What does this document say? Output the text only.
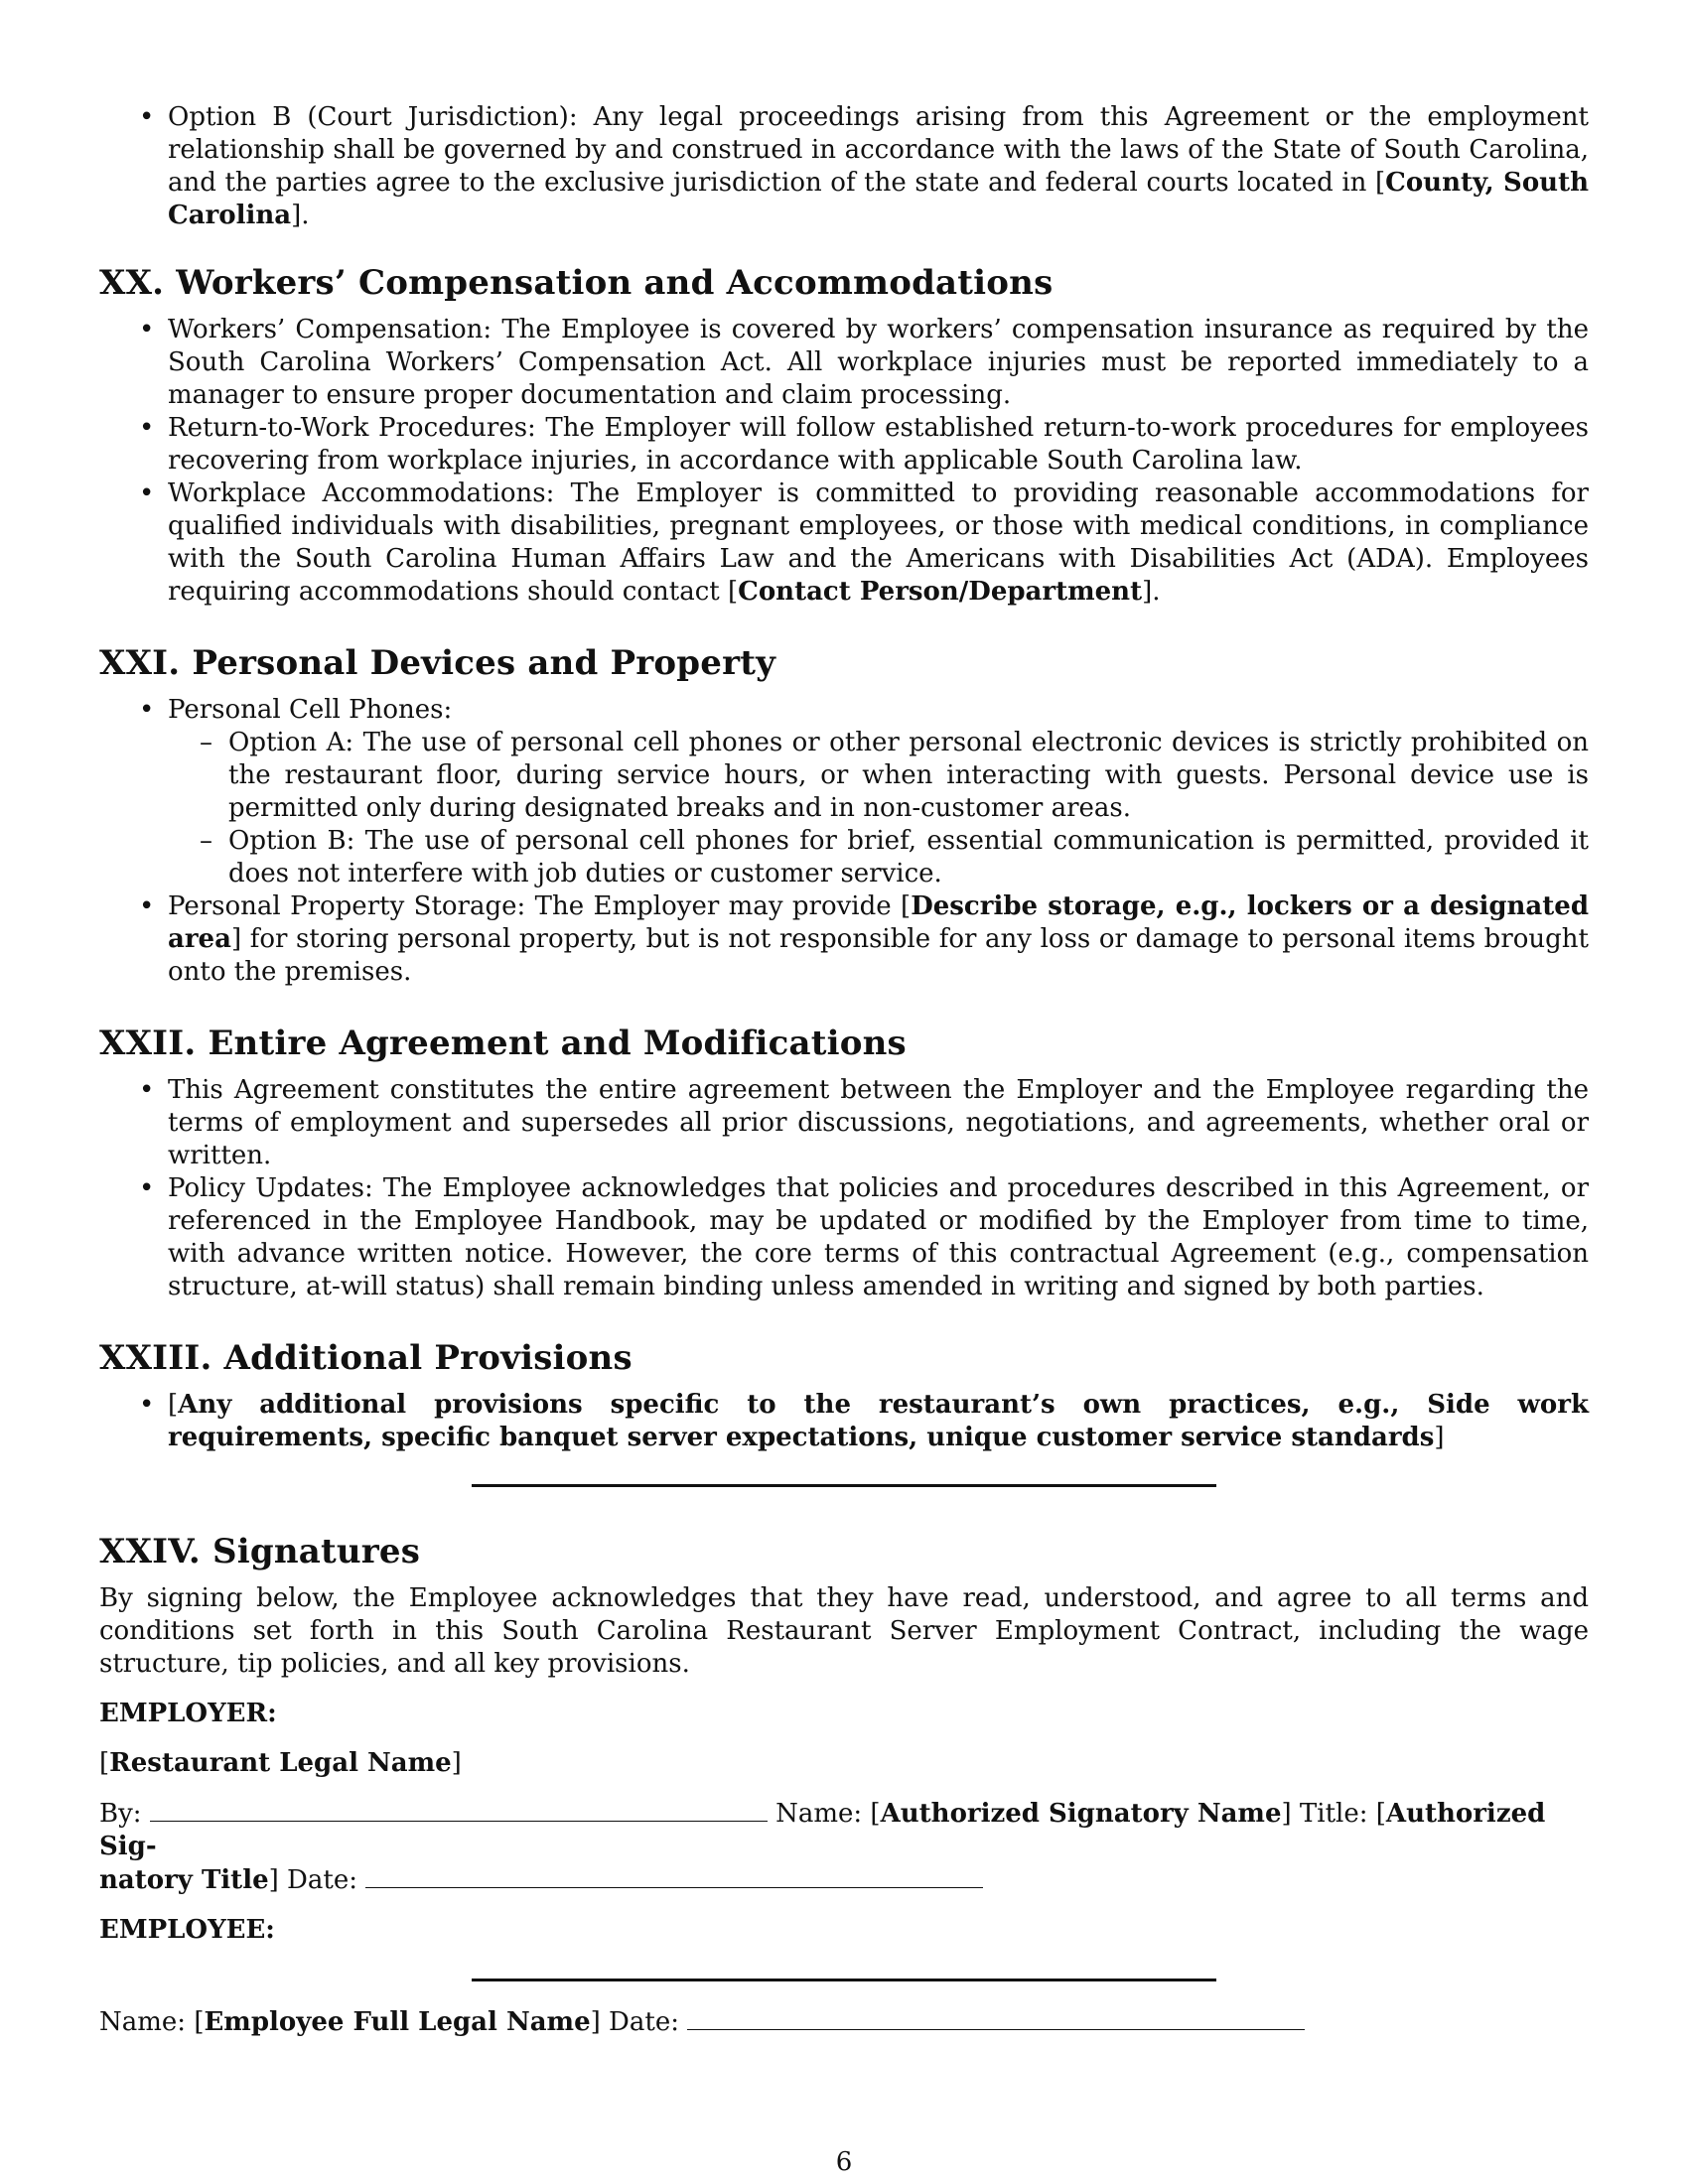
• Option B (Court Jurisdiction): Any legal proceedings arising from this Agreement or the employment relationship shall be governed by and construed in accordance with the laws of the State of South Carolina, and the parties agree to the exclusive jurisdiction of the state and federal courts located in [County, South Carolina].
XX. Workers’ Compensation and Accommodations
• Workers’ Compensation: The Employee is covered by workers’ compensation insurance as required by the South Carolina Workers’ Compensation Act. All workplace injuries must be reported immediately to a manager to ensure proper documentation and claim processing.
• Return-to-Work Procedures: The Employer will follow established return-to-work procedures for employees recovering from workplace injuries, in accordance with applicable South Carolina law.
• Workplace Accommodations: The Employer is committed to providing reasonable accommodations for qualified individuals with disabilities, pregnant employees, or those with medical conditions, in compliance with the South Carolina Human Affairs Law and the Americans with Disabilities Act (ADA). Employees requiring accommodations should contact [Contact Person/Department].
XXI. Personal Devices and Property
• Personal Cell Phones:
– Option A: The use of personal cell phones or other personal electronic devices is strictly prohibited on the restaurant floor, during service hours, or when interacting with guests. Personal device use is permitted only during designated breaks and in non-customer areas.
– Option B: The use of personal cell phones for brief, essential communication is permitted, provided it does not interfere with job duties or customer service.
• Personal Property Storage: The Employer may provide [Describe storage, e.g., lockers or a designated area] for storing personal property, but is not responsible for any loss or damage to personal items brought onto the premises.
XXII. Entire Agreement and Modifications
• This Agreement constitutes the entire agreement between the Employer and the Employee regarding the terms of employment and supersedes all prior discussions, negotiations, and agreements, whether oral or written.
• Policy Updates: The Employee acknowledges that policies and procedures described in this Agreement, or referenced in the Employee Handbook, may be updated or modified by the Employer from time to time, with advance written notice. However, the core terms of this contractual Agreement (e.g., compensation structure, at-will status) shall remain binding unless amended in writing and signed by both parties.
XXIII. Additional Provisions
• [Any additional provisions specific to the restaurant’s own practices, e.g., Side work requirements, specific banquet server expectations, unique customer service standards]
XXIV. Signatures

By signing below, the Employee acknowledges that they have read, understood, and agree to all terms and conditions set forth in this South Carolina Restaurant Server Employment Contract, including the wage structure, tip policies, and all key provisions.

EMPLOYER:

[Restaurant Legal Name]

By:	Name: [Authorized Signatory Name] Title: [Authorized Sig-
natory Title] Date:

EMPLOYEE:

Name: [Employee Full Legal Name] Date:

6
